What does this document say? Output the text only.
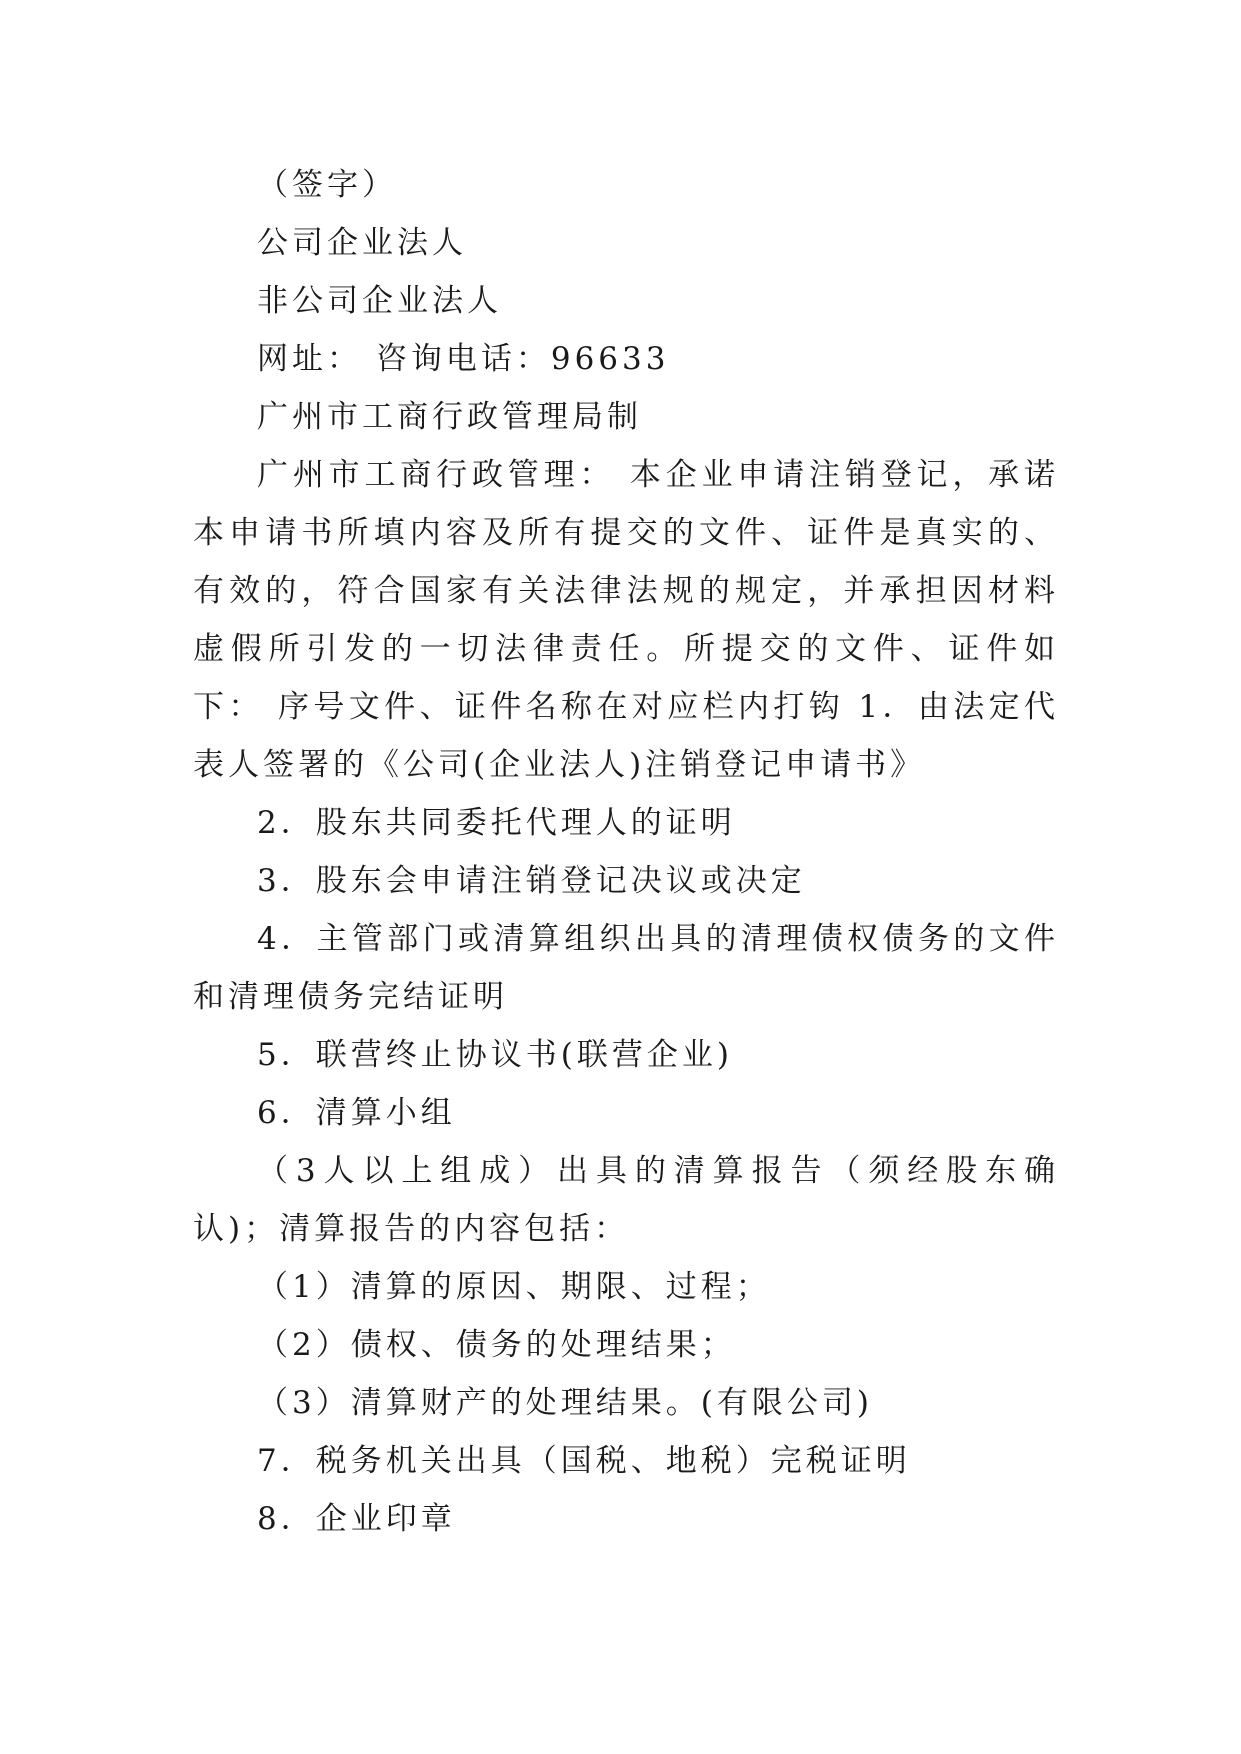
（签字）
公司企业法人
非公司企业法人
网址： 咨询电话：96633
广州市工商行政管理局制
广州市工商行政管理： 本企业申请注销登记，承诺本申请书所填内容及所有提交的文件、证件是真实的、有效的，符合国家有关法律法规的规定，并承担因材料虚假所引发的一切法律责任。所提交的文件、证件如下： 序号文件、证件名称在对应栏内打钩 1．由法定代表人签署的《公司(企业法人)注销登记申请书》
2．股东共同委托代理人的证明
3．股东会申请注销登记决议或决定
4．主管部门或清算组织出具的清理债权债务的文件和清理债务完结证明
5．联营终止协议书(联营企业)
6．清算小组
（3人以上组成）出具的清算报告（须经股东确认)；清算报告的内容包括：
（1）清算的原因、期限、过程；
（2）债权、债务的处理结果；
（3）清算财产的处理结果。(有限公司)
7．税务机关出具（国税、地税）完税证明
8．企业印章
